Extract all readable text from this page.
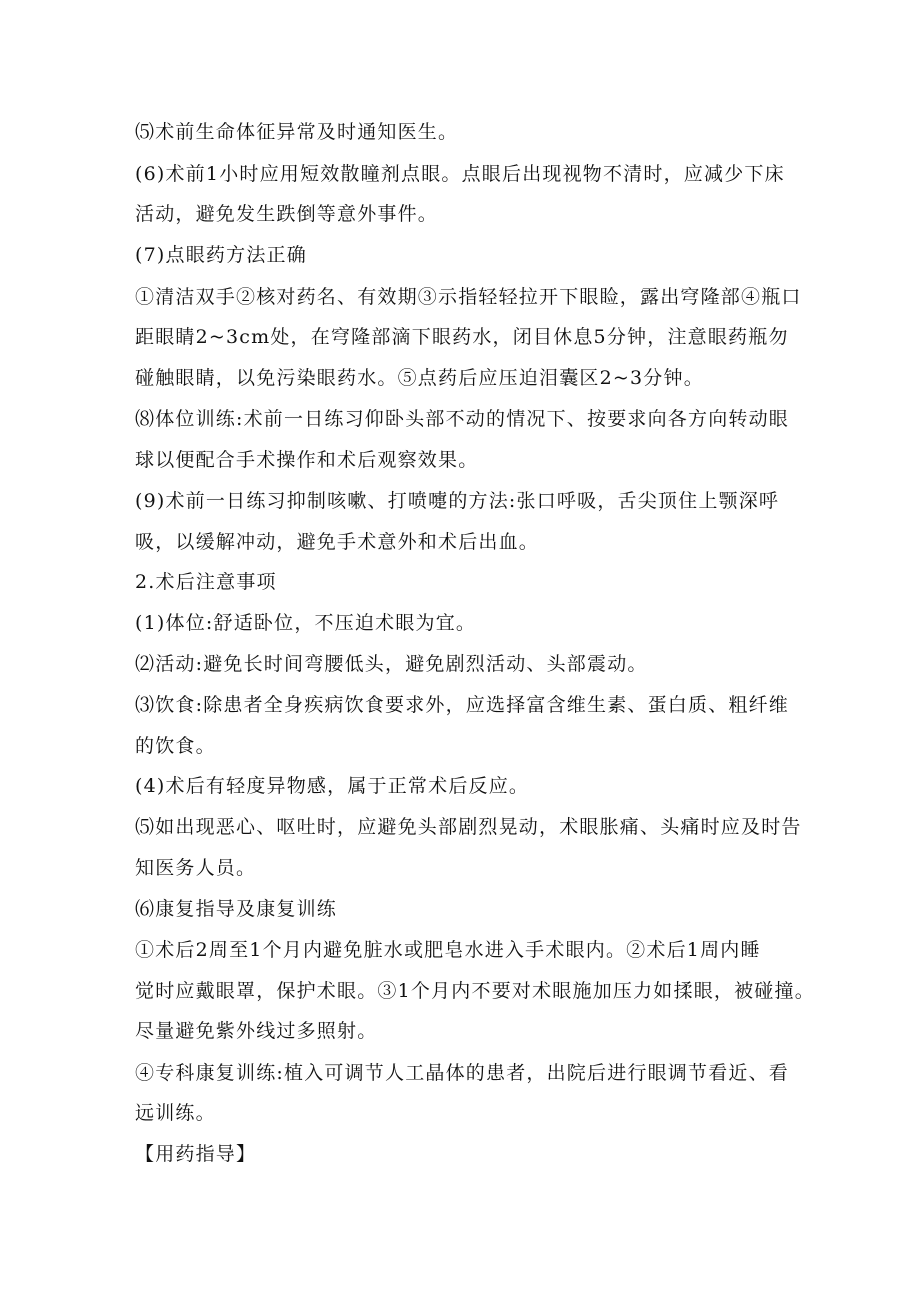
⑸术前生命体征异常及时通知医生。
(6)术前1小时应用短效散瞳剂点眼。点眼后出现视物不清时，应减少下床
活动，避免发生跌倒等意外事件。
(7)点眼药方法正确
①清洁双手②核对药名、有效期③示指轻轻拉开下眼睑，露出穹隆部④瓶口
距眼睛2~3cm处，在穹隆部滴下眼药水，闭目休息5分钟，注意眼药瓶勿
碰触眼睛，以免污染眼药水。⑤点药后应压迫泪囊区2~3分钟。
⑻体位训练:术前一日练习仰卧头部不动的情况下、按要求向各方向转动眼
球以便配合手术操作和术后观察效果。
(9)术前一日练习抑制咳嗽、打喷嚏的方法:张口呼吸，舌尖顶住上颚深呼
吸，以缓解冲动，避免手术意外和术后出血。
2.术后注意事项
(1)体位:舒适卧位，不压迫术眼为宜。
⑵活动:避免长时间弯腰低头，避免剧烈活动、头部震动。
⑶饮食:除患者全身疾病饮食要求外，应选择富含维生素、蛋白质、粗纤维
的饮食。
(4)术后有轻度异物感，属于正常术后反应。
⑸如出现恶心、呕吐时，应避免头部剧烈晃动，术眼胀痛、头痛时应及时告
知医务人员。
⑹康复指导及康复训练
①术后2周至1个月内避免脏水或肥皂水进入手术眼内。②术后1周内睡
觉时应戴眼罩，保护术眼。③1个月内不要对术眼施加压力如揉眼，被碰撞。
尽量避免紫外线过多照射。
④专科康复训练:植入可调节人工晶体的患者，出院后进行眼调节看近、看
远训练。
【用药指导】
